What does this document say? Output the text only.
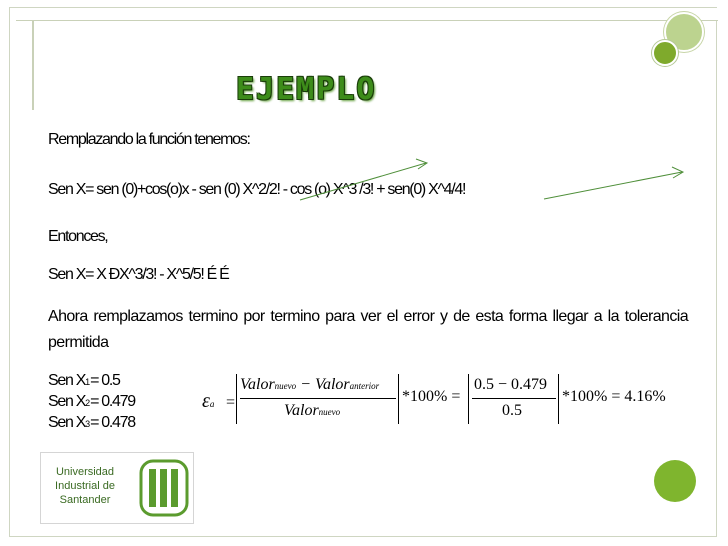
EJEMPLO
Remplazando la función tenemos:
Sen X= sen (0)+cos(o)x - sen (0) X^2/2! - cos (o) X^3 /3! + sen(0) X^4/4!
Entonces,
Sen X= X ÐX^3/3! - X^5/5! É É
Ahora remplazamos termino por termino para ver el error y de esta forma llegar a la tolerancia permitida
Sen X1= 0.5
Sen X2= 0.479
Sen X3= 0.478
εa =
Valornuevo − Valoranterior
Valornuevo
*100% =
0.5 − 0.479
0.5
*100% = 4.16%
Universidad
Industrial de
Santander
